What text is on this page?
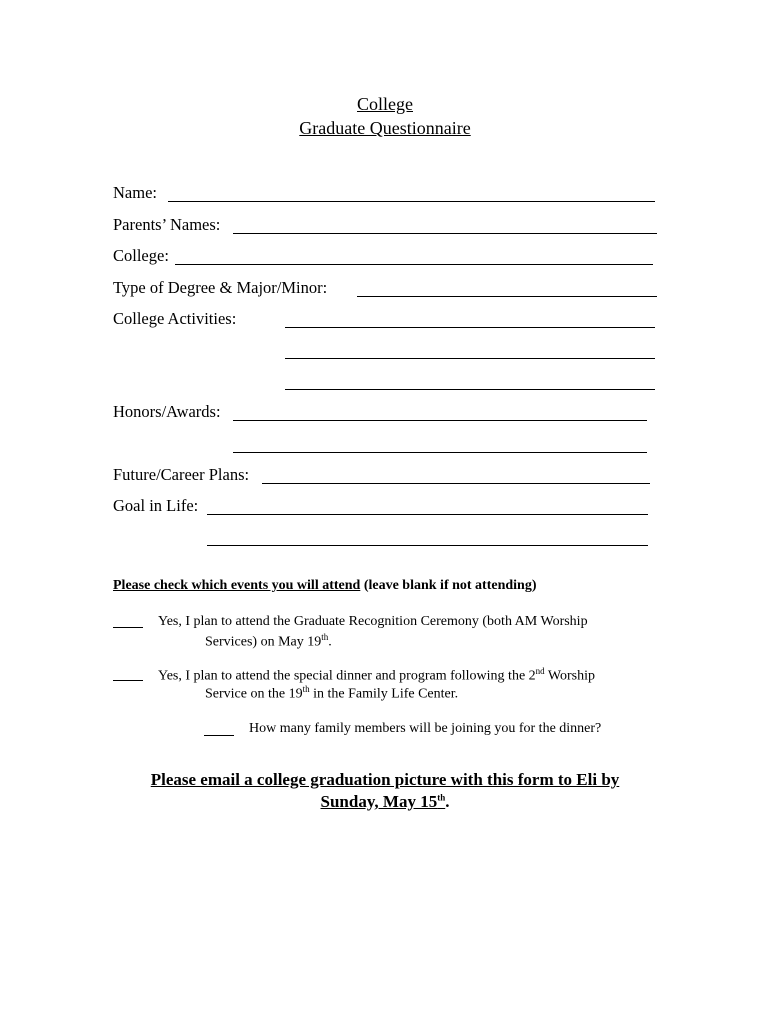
College
Graduate Questionnaire
Name:
Parents’ Names:
College:
Type of Degree & Major/Minor:
College Activities:
Honors/Awards:
Future/Career Plans:
Goal in Life:
Please check which events you will attend (leave blank if not attending)
Yes, I plan to attend the Graduate Recognition Ceremony (both AM Worship
Services) on May 19th.
Yes, I plan to attend the special dinner and program following the 2nd Worship
Service on the 19th in the Family Life Center.
How many family members will be joining you for the dinner?
Please email a college graduation picture with this form to Eli by
Sunday, May 15th.
